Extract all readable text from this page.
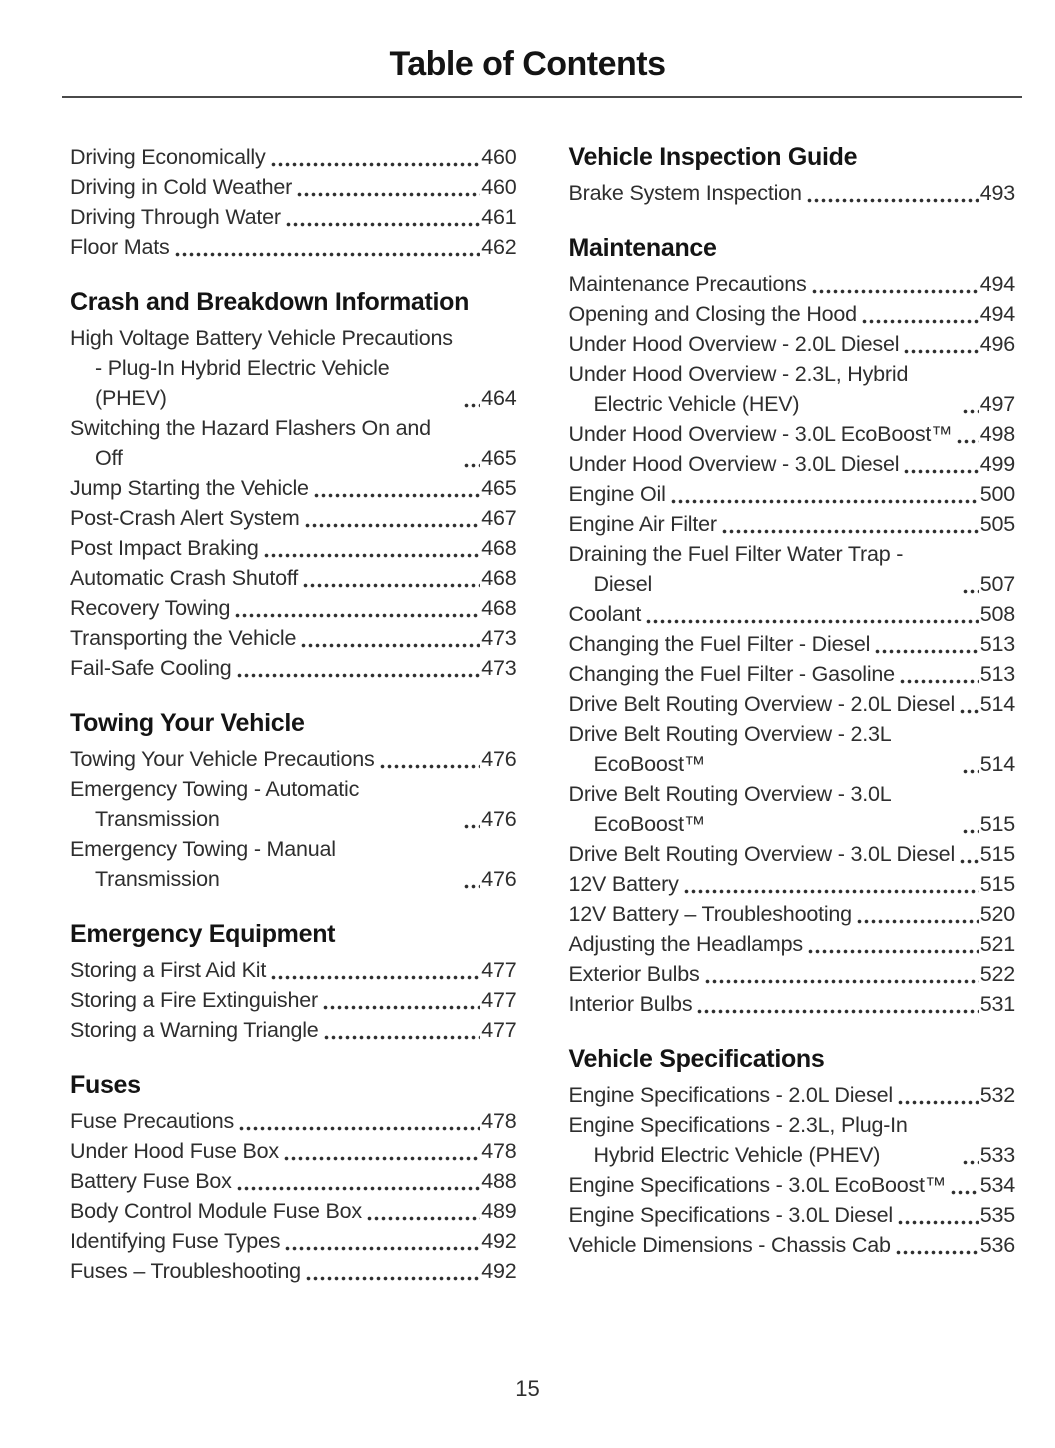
Table of Contents
Driving Economically	460
Driving in Cold Weather	460
Driving Through Water	461
Floor Mats	462
Crash and Breakdown Information
High Voltage Battery Vehicle Precautions - Plug-In Hybrid Electric Vehicle (PHEV)	464
Switching the Hazard Flashers On and Off	465
Jump Starting the Vehicle	465
Post-Crash Alert System	467
Post Impact Braking	468
Automatic Crash Shutoff	468
Recovery Towing	468
Transporting the Vehicle	473
Fail-Safe Cooling	473
Towing Your Vehicle
Towing Your Vehicle Precautions	476
Emergency Towing - Automatic Transmission	476
Emergency Towing - Manual Transmission	476
Emergency Equipment
Storing a First Aid Kit	477
Storing a Fire Extinguisher	477
Storing a Warning Triangle	477
Fuses
Fuse Precautions	478
Under Hood Fuse Box	478
Battery Fuse Box	488
Body Control Module Fuse Box	489
Identifying Fuse Types	492
Fuses – Troubleshooting	492
Vehicle Inspection Guide
Brake System Inspection	493
Maintenance
Maintenance Precautions	494
Opening and Closing the Hood	494
Under Hood Overview - 2.0L Diesel	496
Under Hood Overview - 2.3L, Hybrid Electric Vehicle (HEV)	497
Under Hood Overview - 3.0L EcoBoost™ 498
Under Hood Overview - 3.0L Diesel	499
Engine Oil	500
Engine Air Filter	505
Draining the Fuel Filter Water Trap - Diesel	507
Coolant	508
Changing the Fuel Filter - Diesel	513
Changing the Fuel Filter - Gasoline	513
Drive Belt Routing Overview - 2.0L Diesel 514
Drive Belt Routing Overview - 2.3L EcoBoost™	514
Drive Belt Routing Overview - 3.0L EcoBoost™	515
Drive Belt Routing Overview - 3.0L Diesel 515
12V Battery	515
12V Battery – Troubleshooting	520
Adjusting the Headlamps	521
Exterior Bulbs	522
Interior Bulbs	531
Vehicle Specifications
Engine Specifications - 2.0L Diesel	532
Engine Specifications - 2.3L, Plug-In Hybrid Electric Vehicle (PHEV)	533
Engine Specifications - 3.0L EcoBoost™ 534
Engine Specifications - 3.0L Diesel	535
Vehicle Dimensions - Chassis Cab	536
15
